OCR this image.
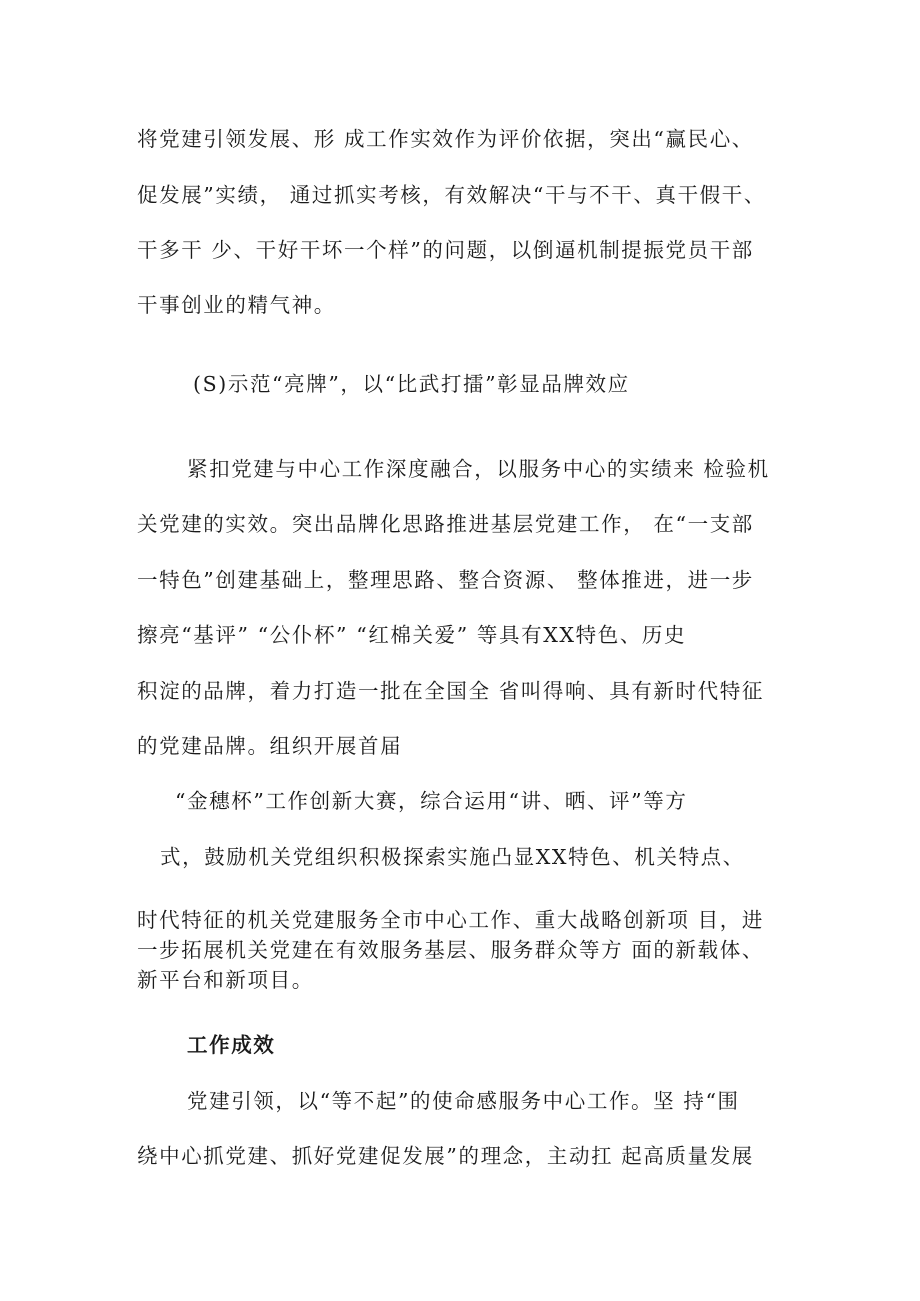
将党建引领发展、形 成工作实效作为评价依据，突出“赢民心、
促发展”实绩， 通过抓实考核，有效解决“干与不干、真干假干、
干多干 少、干好干坏一个样”的问题，以倒逼机制提振党员干部
干事创业的精气神。
(S)示范“亮牌”，以“比武打擂”彰显品牌效应
紧扣党建与中心工作深度融合，以服务中心的实绩来 检验机
关党建的实效。突出品牌化思路推进基层党建工作， 在“一支部
一特色”创建基础上，整理思路、整合资源、 整体推进，进一步
擦亮“基评” “公仆杯” “红棉关爱” 等具有XX特色、历史
积淀的品牌，着力打造一批在全国全 省叫得响、具有新时代特征
的党建品牌。组织开展首届
“金穗杯”工作创新大赛，综合运用“讲、晒、评”等方
式，鼓励机关党组织积极探索实施凸显XX特色、机关特点、
时代特征的机关党建服务全市中心工作、重大战略创新项 目，进
一步拓展机关党建在有效服务基层、服务群众等方 面的新载体、
新平台和新项目。
工作成效
党建引领，以“等不起”的使命感服务中心工作。坚 持“围
绕中心抓党建、抓好党建促发展”的理念，主动扛 起高质量发展
